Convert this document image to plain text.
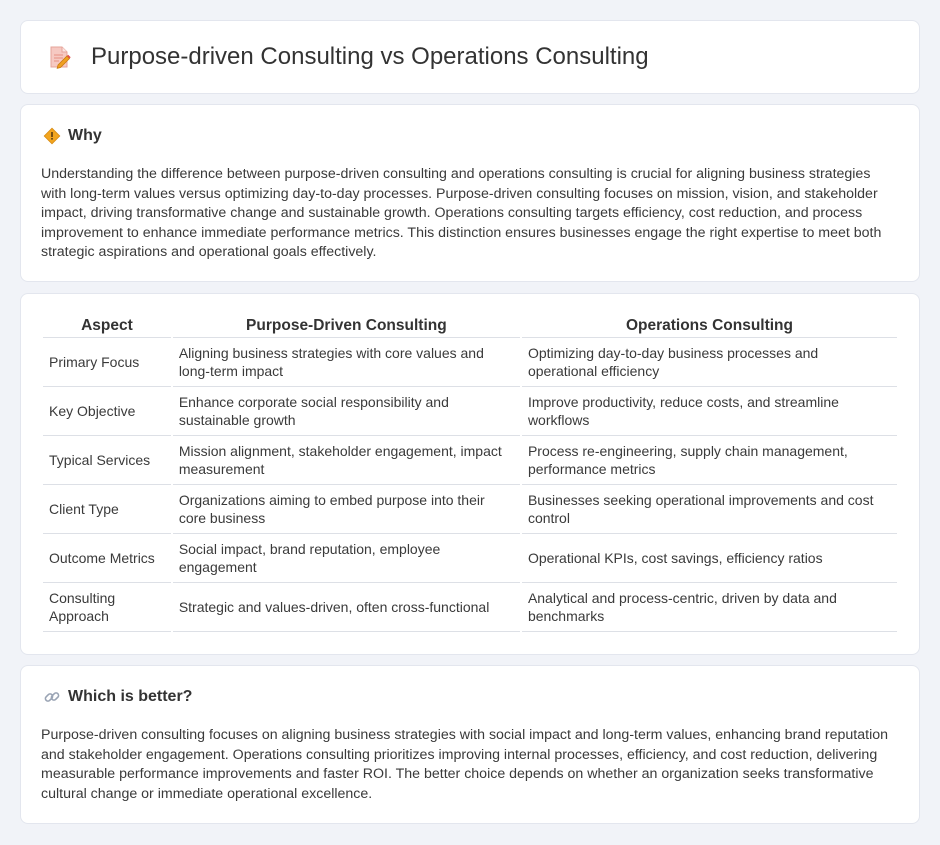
Purpose-driven Consulting vs Operations Consulting
Why

Understanding the difference between purpose-driven consulting and operations consulting is crucial for aligning business strategies with long-term values versus optimizing day-to-day processes. Purpose-driven consulting focuses on mission, vision, and stakeholder impact, driving transformative change and sustainable growth. Operations consulting targets efficiency, cost reduction, and process improvement to enhance immediate performance metrics. This distinction ensures businesses engage the right expertise to meet both strategic aspirations and operational goals effectively.

Aspect	Purpose-Driven Consulting	Operations Consulting
Primary Focus	Aligning business strategies with core values and long-term impact	Optimizing day-to-day business processes and operational efficiency
Key Objective	Enhance corporate social responsibility and sustainable growth	Improve productivity, reduce costs, and streamline workflows
Typical Services	Mission alignment, stakeholder engagement, impact measurement	Process re-engineering, supply chain management, performance metrics
Client Type	Organizations aiming to embed purpose into their core business	Businesses seeking operational improvements and cost control
Outcome Metrics	Social impact, brand reputation, employee engagement	Operational KPIs, cost savings, efficiency ratios
Consulting Approach	Strategic and values-driven, often cross-functional	Analytical and process-centric, driven by data and benchmarks
Which is better?

Purpose-driven consulting focuses on aligning business strategies with social impact and long-term values, enhancing brand reputation and stakeholder engagement. Operations consulting prioritizes improving internal processes, efficiency, and cost reduction, delivering measurable performance improvements and faster ROI. The better choice depends on whether an organization seeks transformative cultural change or immediate operational excellence.
